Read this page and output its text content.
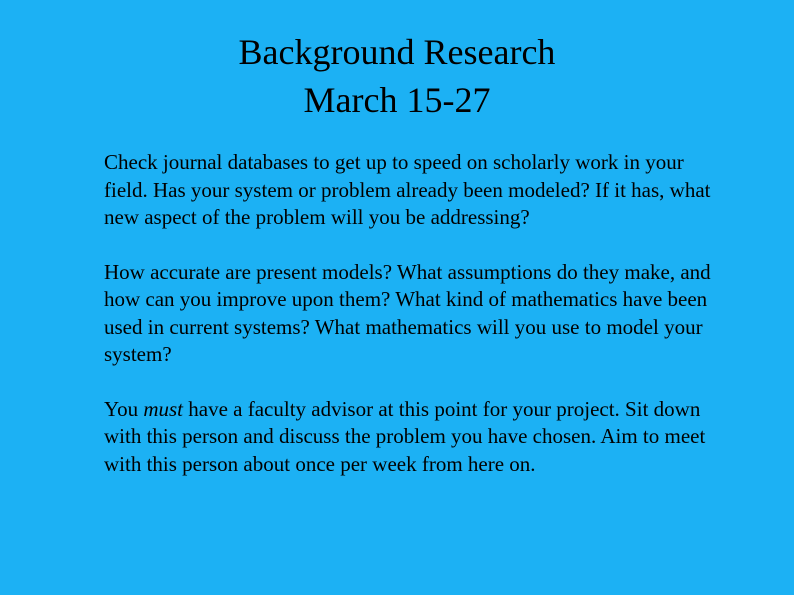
Background Research
March 15-27

Check journal databases to get up to speed on scholarly work in your field. Has your system or problem already been modeled? If it has, what new aspect of the problem will you be addressing?

How accurate are present models? What assumptions do they make, and how can you improve upon them? What kind of mathematics have been used in current systems? What mathematics will you use to model your system?

You must have a faculty advisor at this point for your project. Sit down with this person and discuss the problem you have chosen. Aim to meet with this person about once per week from here on.
